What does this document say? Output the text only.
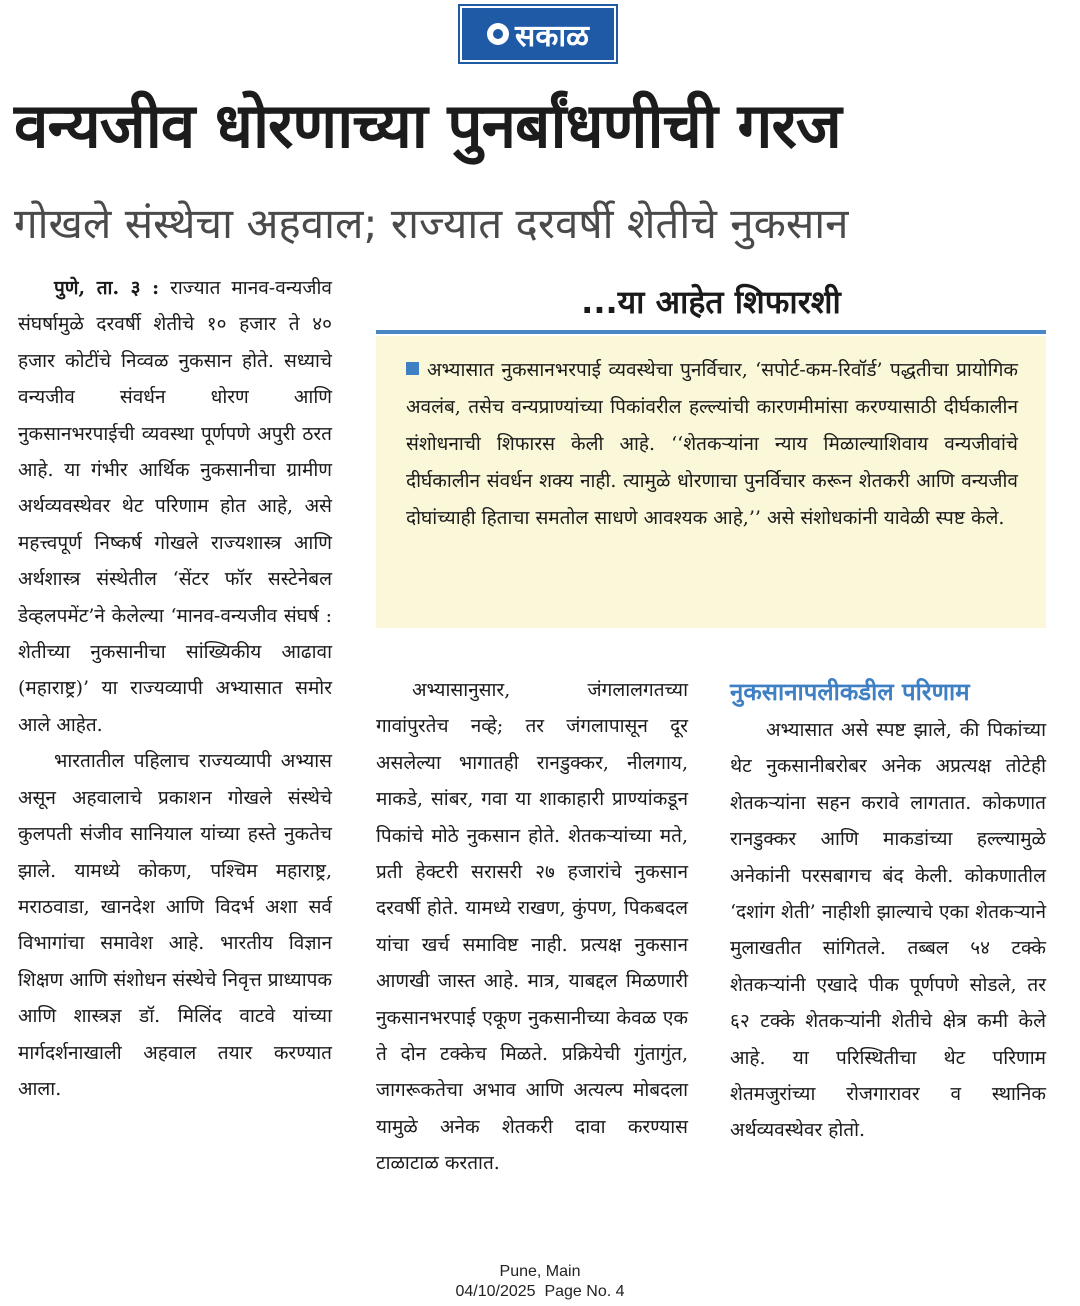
सकाळ
वन्यजीव धोरणाच्या पुनर्बांधणीची गरज
गोखले संस्थेचा अहवाल; राज्यात दरवर्षी शेतीचे नुकसान

पुणे, ता. ३ : राज्यात मानव-वन्यजीव संघर्षामुळे दरवर्षी शेतीचे १० हजार ते ४० हजार कोटींचे निव्वळ नुकसान होते. सध्याचे वन्यजीव संवर्धन धोरण आणि नुकसानभरपाईची व्यवस्था पूर्णपणे अपुरी ठरत आहे. या गंभीर आर्थिक नुकसानीचा ग्रामीण अर्थव्यवस्थेवर थेट परिणाम होत आहे, असे महत्त्वपूर्ण निष्कर्ष गोखले राज्यशास्त्र आणि अर्थशास्त्र संस्थेतील ‘सेंटर फॉर सस्टेनेबल डेव्हलपमेंट’ने केलेल्या ‘मानव-वन्यजीव संघर्ष : शेतीच्या नुकसानीचा सांख्यिकीय आढावा (महाराष्ट्र)’ या राज्यव्यापी अभ्यासात समोर आले आहेत.

भारतातील पहिलाच राज्यव्यापी अभ्यास असून अहवालाचे प्रकाशन गोखले संस्थेचे कुलपती संजीव सानियाल यांच्या हस्ते नुकतेच झाले. यामध्ये कोकण, पश्चिम महाराष्ट्र, मराठवाडा, खानदेश आणि विदर्भ अशा सर्व विभागांचा समावेश आहे. भारतीय विज्ञान शिक्षण आणि संशोधन संस्थेचे निवृत्त प्राध्यापक आणि शास्त्रज्ञ डॉ. मिलिंद वाटवे यांच्या मार्गदर्शनाखाली अहवाल तयार करण्यात आला.

...या आहेत शिफारशी
अभ्यासात नुकसानभरपाई व्यवस्थेचा पुनर्विचार, ‘सपोर्ट-कम-रिवॉर्ड’ पद्धतीचा प्रायोगिक अवलंब, तसेच वन्यप्राण्यांच्या पिकांवरील हल्ल्यांची कारणमीमांसा करण्यासाठी दीर्घकालीन संशोधनाची शिफारस केली आहे. ‘‘शेतकऱ्यांना न्याय मिळाल्याशिवाय वन्यजीवांचे दीर्घकालीन संवर्धन शक्य नाही. त्यामुळे धोरणाचा पुनर्विचार करून शेतकरी आणि वन्यजीव दोघांच्याही हिताचा समतोल साधणे आवश्यक आहे,’’ असे संशोधकांनी यावेळी स्पष्ट केले.

अभ्यासानुसार, जंगलालगतच्या गावांपुरतेच नव्हे; तर जंगलापासून दूर असलेल्या भागातही रानडुक्कर, नीलगाय, माकडे, सांबर, गवा या शाकाहारी प्राण्यांकडून पिकांचे मोठे नुकसान होते. शेतकऱ्यांच्या मते, प्रती हेक्टरी सरासरी २७ हजारांचे नुकसान दरवर्षी होते. यामध्ये राखण, कुंपण, पिकबदल यांचा खर्च समाविष्ट नाही. प्रत्यक्ष नुकसान आणखी जास्त आहे. मात्र, याबद्दल मिळणारी नुकसानभरपाई एकूण नुकसानीच्या केवळ एक ते दोन टक्केच मिळते. प्रक्रियेची गुंतागुंत, जागरूकतेचा अभाव आणि अत्यल्प मोबदला यामुळे अनेक शेतकरी दावा करण्यास टाळाटाळ करतात.

नुकसानापलीकडील परिणाम

अभ्यासात असे स्पष्ट झाले, की पिकांच्या थेट नुकसानीबरोबर अनेक अप्रत्यक्ष तोटेही शेतकऱ्यांना सहन करावे लागतात. कोकणात रानडुक्कर आणि माकडांच्या हल्ल्यामुळे अनेकांनी परसबागच बंद केली. कोकणातील ‘दशांग शेती’ नाहीशी झाल्याचे एका शेतकऱ्याने मुलाखतीत सांगितले. तब्बल ५४ टक्के शेतकऱ्यांनी एखादे पीक पूर्णपणे सोडले, तर ६२ टक्के शेतकऱ्यांनी शेतीचे क्षेत्र कमी केले आहे. या परिस्थितीचा थेट परिणाम शेतमजुरांच्या रोजगारावर व स्थानिक अर्थव्यवस्थेवर होतो.

Pune, Main
04/10/2025  Page No. 4
